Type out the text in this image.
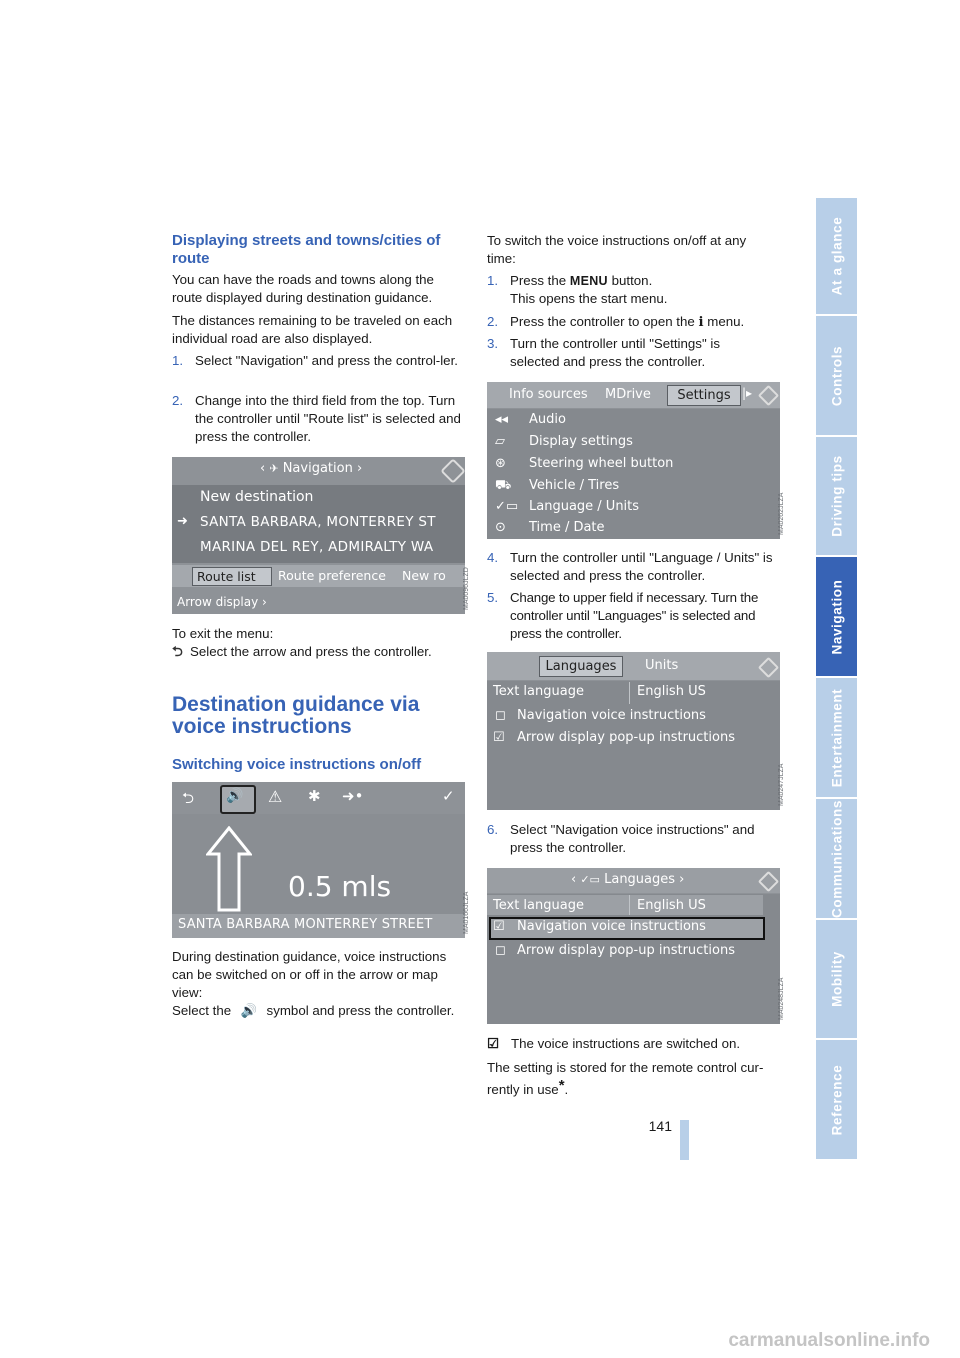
At a glance
Controls
Driving tips
Navigation
Entertainment
Communications
Mobility
Reference
Displaying streets and towns/cities of route
You can have the roads and towns along the route displayed during destination guidance.
The distances remaining to be traveled on each individual road are also displayed.
1. Select "Navigation" and press the control-ler.
2. Change into the third field from the top. Turn the controller until "Route list" is selected and press the controller.
‹ ✈ Navigation ›
New destination
➜ SANTA BARBARA, MONTERREY ST
MARINA DEL REY, ADMIRALTY WA
Route list	Route preference New ro
Arrow display ›	MA0096JLZD
To exit the menu:
⮌ Select the arrow and press the controller.
Destination guidance via voice instructions
Switching voice instructions on/off
⮌ 🔊 ⚠ ✱ ➜•	✓
0.5 mls
SANTA BARBARA MONTERREY STREET	MA0166JLZA
During destination guidance, voice instructions can be switched on or off in the arrow or map view:
Select the 🔊 symbol and press the controller.
To switch the voice instructions on/off at any time:
1. Press the MENU button.
This opens the start menu.
2. Press the controller to open the i menu.
3. Turn the controller until "Settings" is selected and press the controller.
Info sources MDrive	Settings |▸
◂◂ Audio
▱ Display settings
⊛ Steering wheel button
⛟ Vehicle / Tires
✓▭ Language / Units
⊙ Time / Date	MA0262JLZA
4. Turn the controller until "Language / Units" is selected and press the controller.
5. Change to upper field if necessary. Turn the controller until "Languages" is selected and press the controller.
Languages	Units
Text language	English US
◻ Navigation voice instructions
☑ Arrow display pop-up instructions
MA0247JLZA
6. Select "Navigation voice instructions" and press the controller.
‹ ✓▭ Languages ›
Text language	English US
☑ Navigation voice instructions
◻ Arrow display pop-up instructions
MA0248JLZA
☑ The voice instructions are switched on.
The setting is stored for the remote control cur-rently in use*.
141
carmanualsonline.info
